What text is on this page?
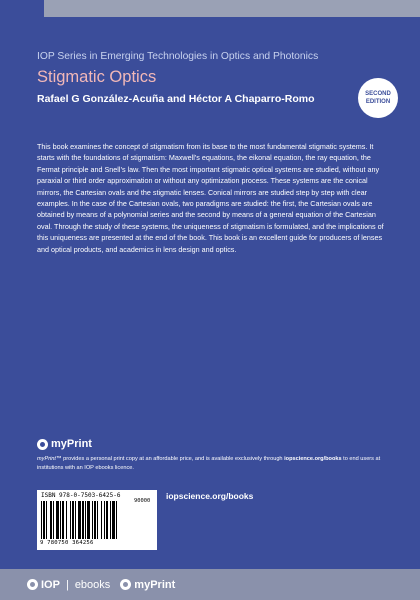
IOP Series in Emerging Technologies in Optics and Photonics
Stigmatic Optics
SECOND
EDITION
Rafael G González-Acuña and Héctor A Chaparro-Romo

This book examines the concept of stigmatism from its base to the most fundamental stigmatic systems. It starts with the foundations of stigmatism: Maxwell’s equations, the eikonal equation, the ray equation, the Fermat principle and Snell’s law. Then the most important stigmatic optical systems are studied, without any paraxial or third order approximation or without any optimization process. These systems are the conical mirrors, the Cartesian ovals and the stigmatic lenses. Conical mirrors are studied step by step with clear examples. In the case of the Cartesian ovals, two paradigms are studied: the first, the Cartesian ovals are obtained by means of a polynomial series and the second by means of a general equation of the Cartesian oval. Through the study of these systems, the uniqueness of stigmatism is formulated, and the implications of this uniqueness are presented at the end of the book. This book is an excellent guide for producers of lenses and optical products, and academics in lens design and optics.

myPrint

myPrint™ provides a personal print copy at an affordable price, and is available exclusively through iopscience.org/books to end users at institutions with an IOP ebooks licence.

ISBN 978-0-7503-6425-6
90000
9 780750 364256
iopscience.org/books
IOP | ebooks myPrint
